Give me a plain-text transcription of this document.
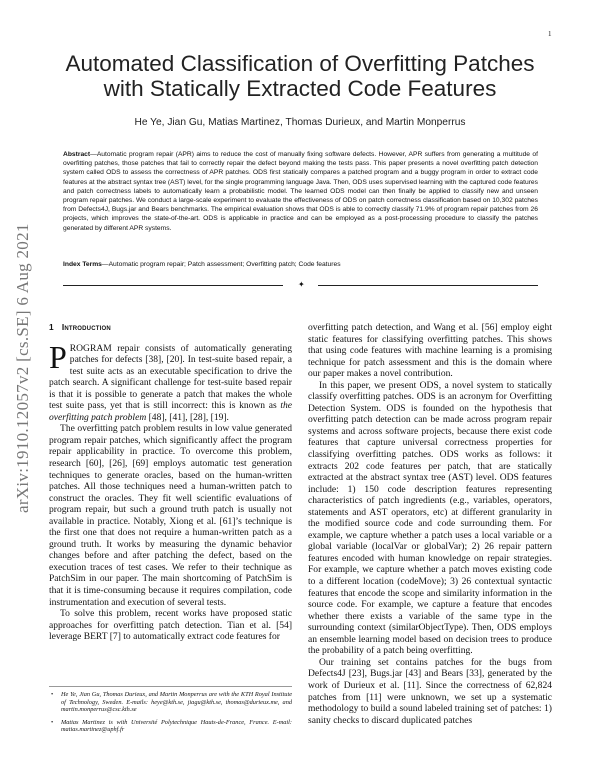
1
arXiv:1910.12057v2 [cs.SE] 6 Aug 2021
Automated Classification of Overfitting Patches
with Statically Extracted Code Features
He Ye, Jian Gu, Matias Martinez, Thomas Durieux, and Martin Monperrus
Abstract—Automatic program repair (APR) aims to reduce the cost of manually fixing software defects. However, APR suffers from generating a multitude of overfitting patches, those patches that fail to correctly repair the defect beyond making the tests pass. This paper presents a novel overfitting patch detection system called ODS to assess the correctness of APR patches. ODS first statically compares a patched program and a buggy program in order to extract code features at the abstract syntax tree (AST) level, for the single programming language Java. Then, ODS uses supervised learning with the captured code features and patch correctness labels to automatically learn a probabilistic model. The learned ODS model can then finally be applied to classify new and unseen program repair patches. We conduct a large-scale experiment to evaluate the effectiveness of ODS on patch correctness classification based on 10,302 patches from Defects4J, Bugs.jar and Bears benchmarks. The empirical evaluation shows that ODS is able to correctly classify 71.9% of program repair patches from 26 projects, which improves the state-of-the-art. ODS is applicable in practice and can be employed as a post-processing procedure to classify the patches generated by different APR systems.
Index Terms—Automatic program repair; Patch assessment; Overfitting patch; Code features
✦
1 Introduction

PROGRAM repair consists of automatically generating patches for defects [38], [20]. In test-suite based repair, a test suite acts as an executable specification to drive the patch search. A significant challenge for test-suite based repair is that it is possible to generate a patch that makes the whole test suite pass, yet that is still incorrect: this is known as the overfitting patch problem [48], [41], [28], [19].

The overfitting patch problem results in low value generated program repair patches, which significantly affect the program repair applicability in practice. To overcome this problem, research [60], [26], [69] employs automatic test generation techniques to generate oracles, based on the human-written patches. All those techniques need a human-written patch to construct the oracles. They fit well scientific evaluations of program repair, but such a ground truth patch is usually not available in practice. Notably, Xiong et al. [61]’s technique is the first one that does not require a human-written patch as a ground truth. It works by measuring the dynamic behavior changes before and after patching the defect, based on the execution traces of test cases. We refer to their technique as PatchSim in our paper. The main shortcoming of PatchSim is that it is time-consuming because it requires compilation, code instrumentation and execution of several tests.

To solve this problem, recent works have proposed static approaches for overfitting patch detection. Tian et al. [54] leverage BERT [7] to automatically extract code features for

overfitting patch detection, and Wang et al. [56] employ eight static features for classifying overfitting patches. This shows that using code features with machine learning is a promising technique for patch assessment and this is the domain where our paper makes a novel contribution.

In this paper, we present ODS, a novel system to statically classify overfitting patches. ODS is an acronym for Overfitting Detection System. ODS is founded on the hypothesis that overfitting patch detection can be made across program repair systems and across software projects, because there exist code features that capture universal correctness properties for classifying overfitting patches. ODS works as follows: it extracts 202 code features per patch, that are statically extracted at the abstract syntax tree (AST) level. ODS features include: 1) 150 code description features representing characteristics of patch ingredients (e.g., variables, operators, statements and AST operators, etc) at different granularity in the modified source code and code surrounding them. For example, we capture whether a patch uses a local variable or a global variable (localVar or globalVar); 2) 26 repair pattern features encoded with human knowledge on repair strategies. For example, we capture whether a patch moves existing code to a different location (codeMove); 3) 26 contextual syntactic features that encode the scope and similarity information in the source code. For example, we capture a feature that encodes whether there exists a variable of the same type in the surrounding context (similarObjectType). Then, ODS employs an ensemble learning model based on decision trees to produce the probability of a patch being overfitting.

Our training set contains patches for the bugs from Defects4J [23], Bugs.jar [43] and Bears [33], generated by the work of Durieux et al. [11]. Since the correctness of 62,824 patches from [11] were unknown, we set up a systematic methodology to build a sound labeled training set of patches: 1) sanity checks to discard duplicated patches

• He Ye, Jian Gu, Thomas Durieux, and Martin Monperrus are with the KTH Royal Institute of Technology, Sweden. E-mails: heye@kth.se, jiagu@kth.se, thomas@durieux.me, and martin.monperrus@csc.kth.se
• Matias Martinez is with Université Polytechnique Hauts-de-France, France. E-mail: matias.martinez@uphf.fr
